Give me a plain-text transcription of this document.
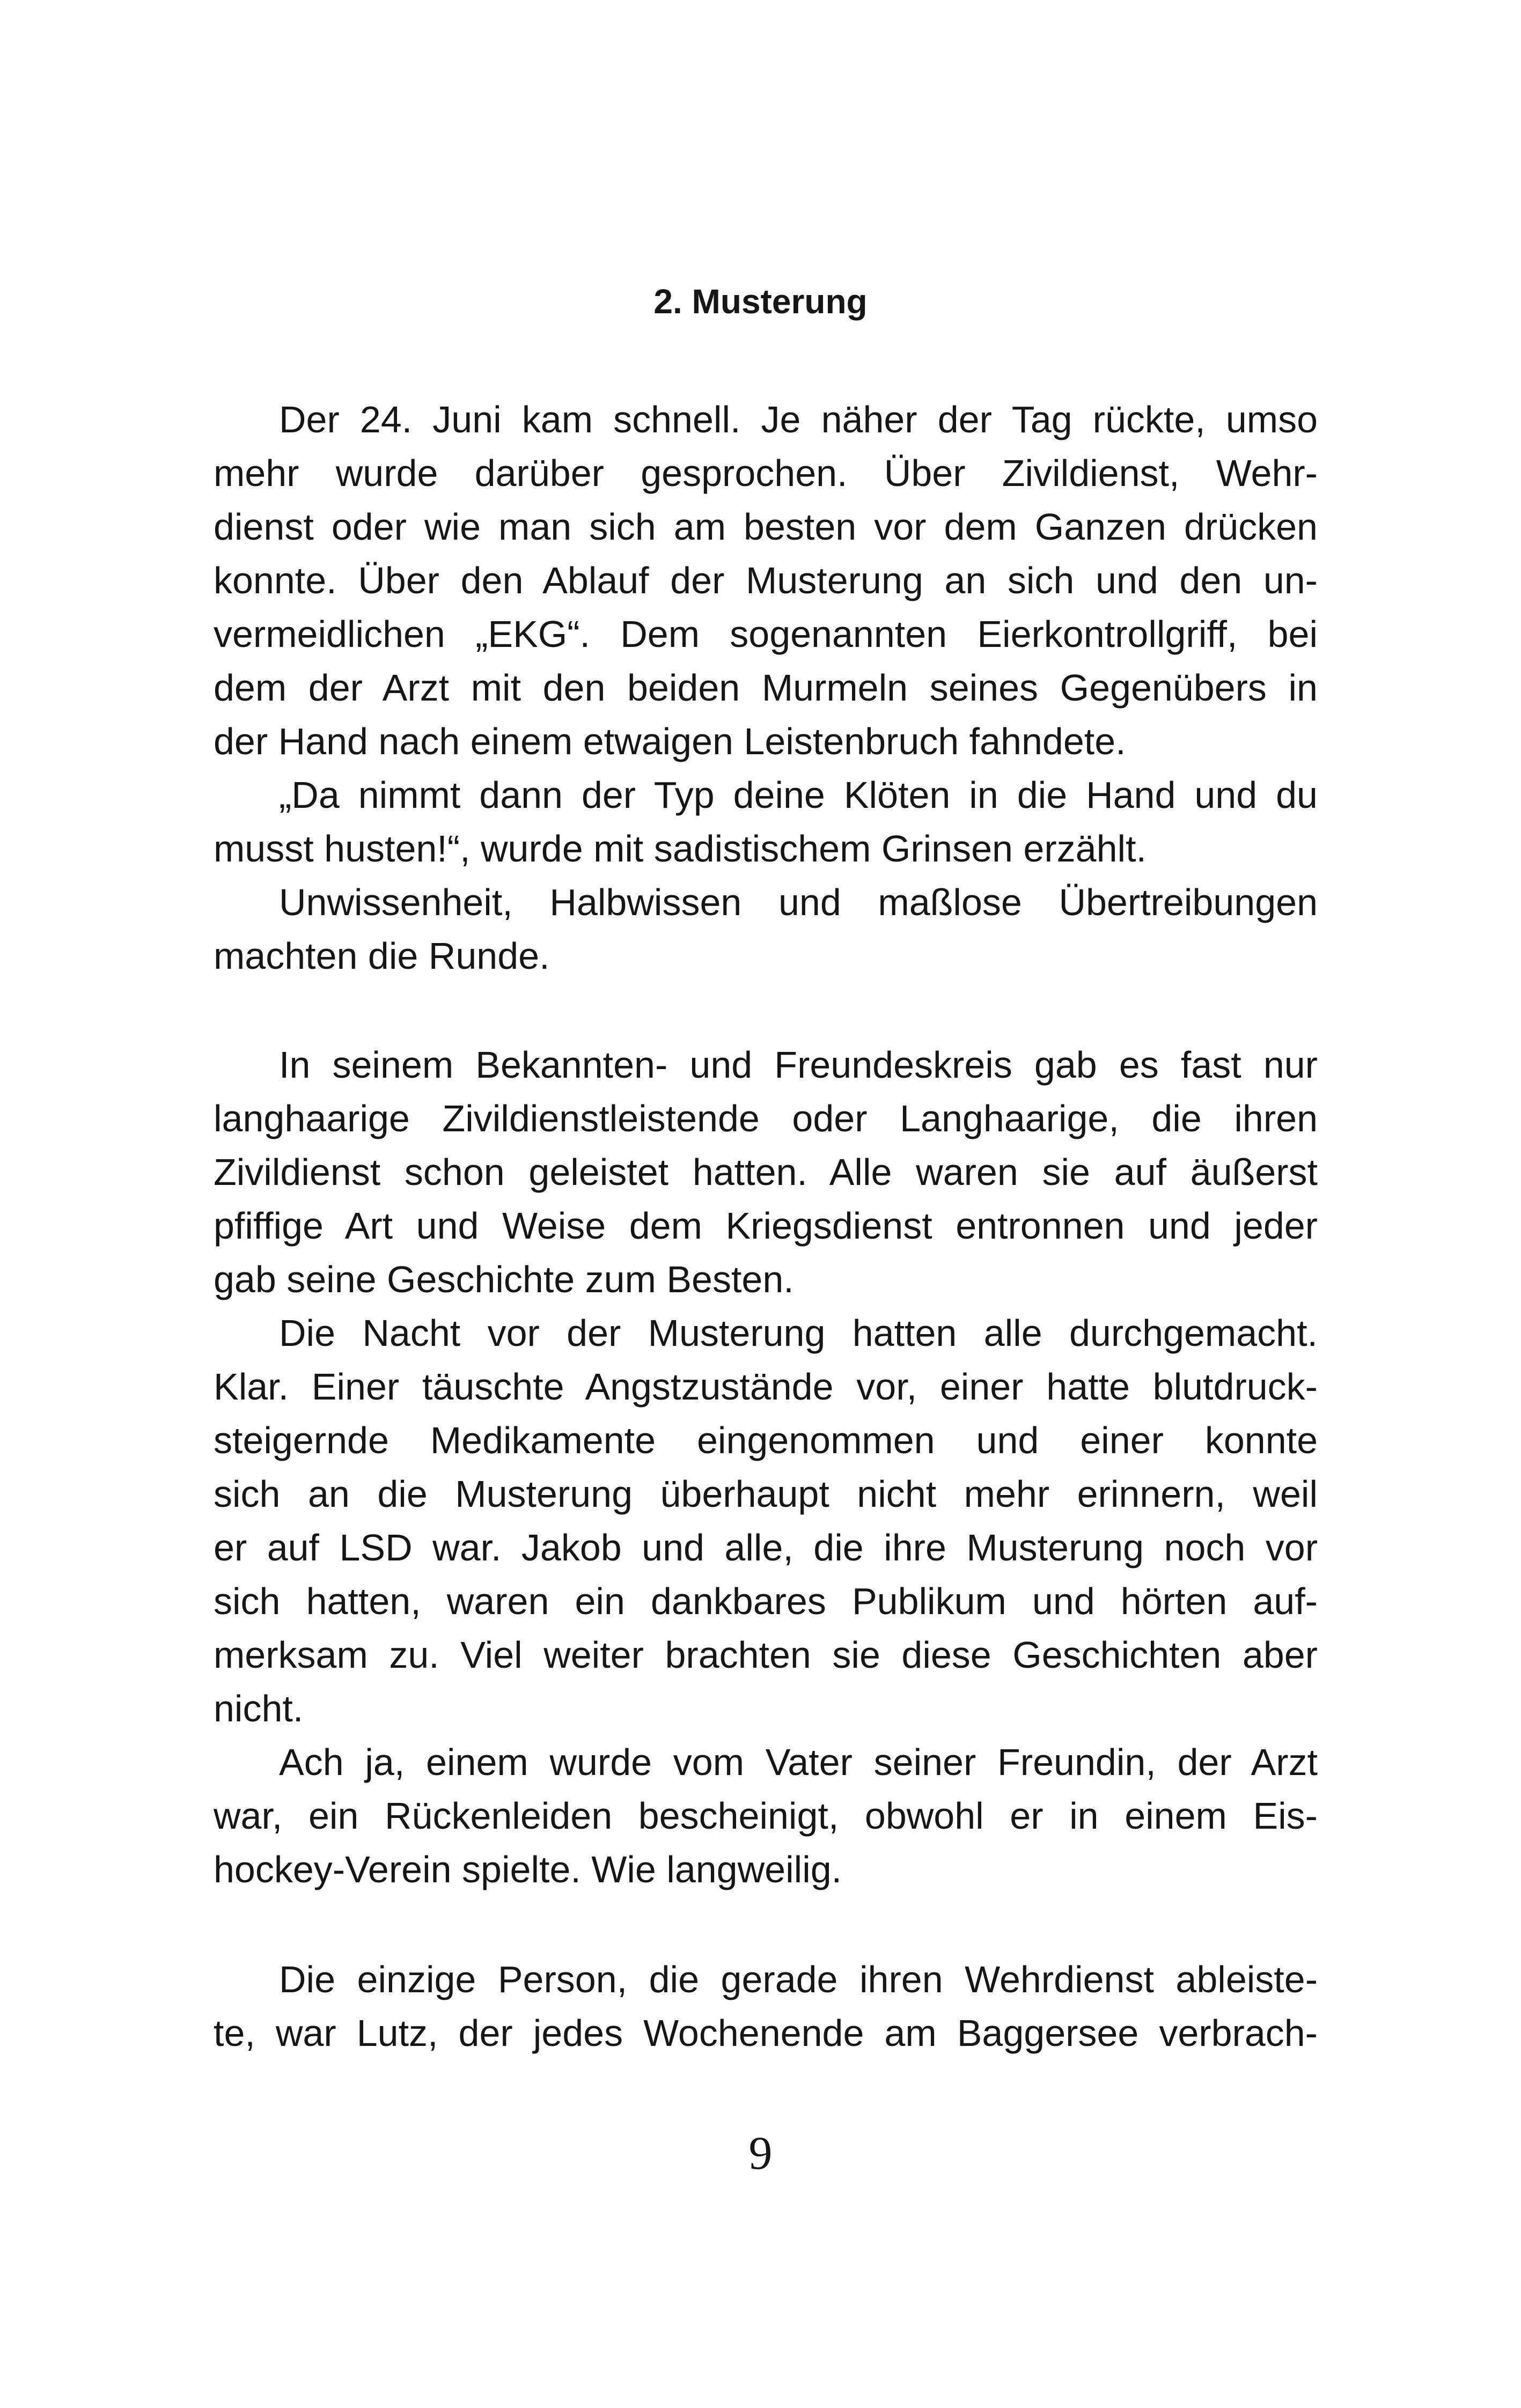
2. Musterung

Der 24. Juni kam schnell. Je näher der Tag rückte, umso

mehr wurde darüber gesprochen. Über Zivildienst, Wehr-

dienst oder wie man sich am besten vor dem Ganzen drücken

konnte. Über den Ablauf der Musterung an sich und den un-

vermeidlichen „EKG“. Dem sogenannten Eierkontrollgriff, bei

dem der Arzt mit den beiden Murmeln seines Gegenübers in

der Hand nach einem etwaigen Leistenbruch fahndete.

„Da nimmt dann der Typ deine Klöten in die Hand und du

musst husten!“, wurde mit sadistischem Grinsen erzählt.

Unwissenheit, Halbwissen und maßlose Übertreibungen

machten die Runde.

In seinem Bekannten- und Freundeskreis gab es fast nur

langhaarige Zivildienstleistende oder Langhaarige, die ihren

Zivildienst schon geleistet hatten. Alle waren sie auf äußerst

pfiffige Art und Weise dem Kriegsdienst entronnen und jeder

gab seine Geschichte zum Besten.

Die Nacht vor der Musterung hatten alle durchgemacht.

Klar. Einer täuschte Angstzustände vor, einer hatte blutdruck-

steigernde Medikamente eingenommen und einer konnte

sich an die Musterung überhaupt nicht mehr erinnern, weil

er auf LSD war. Jakob und alle, die ihre Musterung noch vor

sich hatten, waren ein dankbares Publikum und hörten auf-

merksam zu. Viel weiter brachten sie diese Geschichten aber

nicht.

Ach ja, einem wurde vom Vater seiner Freundin, der Arzt

war, ein Rückenleiden bescheinigt, obwohl er in einem Eis-

hockey-Verein spielte. Wie langweilig.

Die einzige Person, die gerade ihren Wehrdienst ableiste-

te, war Lutz, der jedes Wochenende am Baggersee verbrach-

9
